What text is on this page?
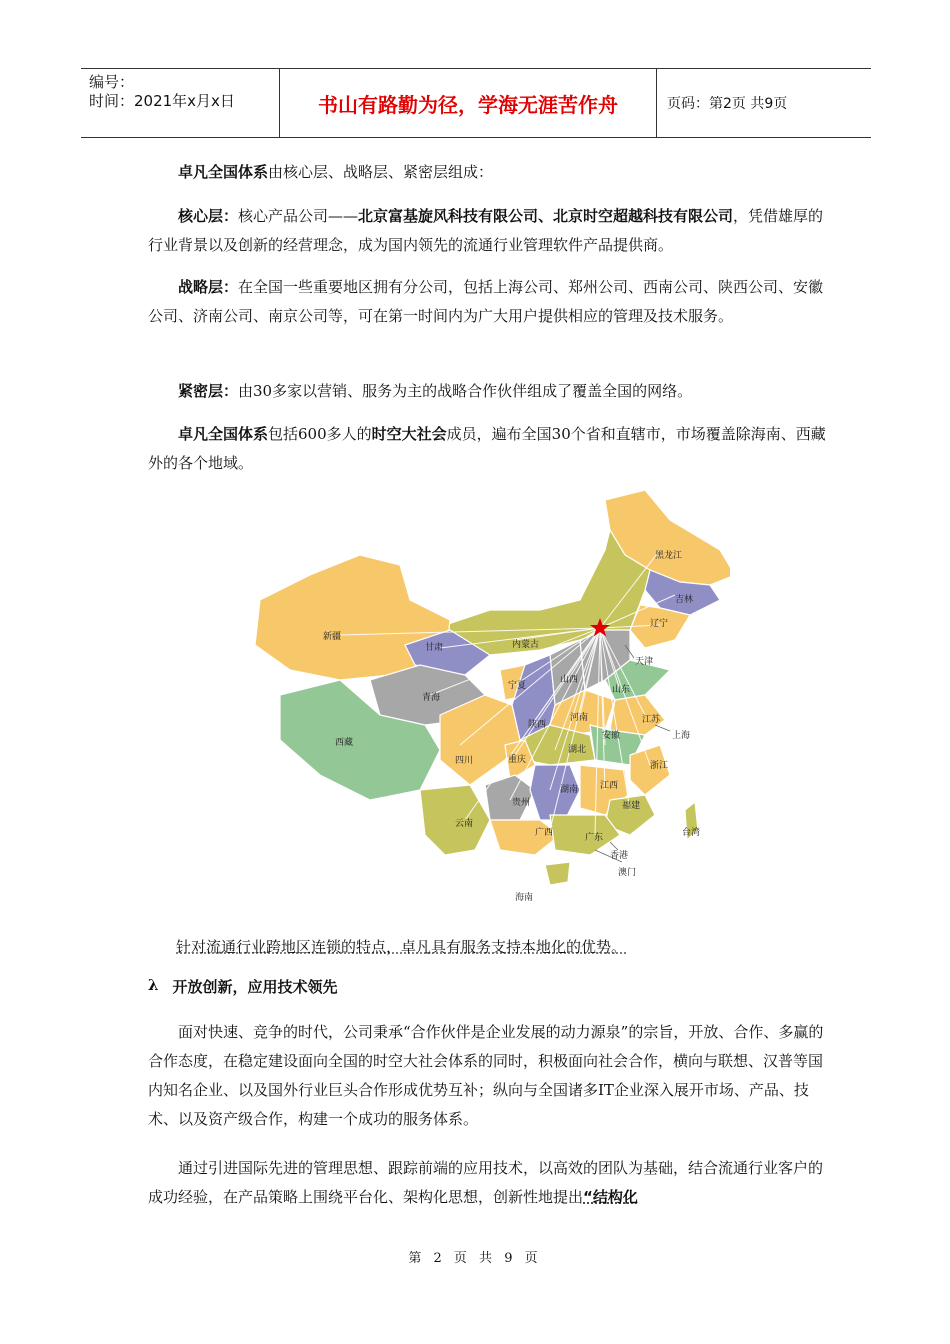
编号：
时间：2021年x月x日	书山有路勤为径，学海无涯苦作舟	页码：第2页 共9页

卓凡全国体系由核心层、战略层、紧密层组成：

核心层：核心产品公司——北京富基旋风科技有限公司、北京时空超越科技有限公司，凭借雄厚的行业背景以及创新的经营理念，成为国内领先的流通行业管理软件产品提供商。

战略层：在全国一些重要地区拥有分公司，包括上海公司、郑州公司、西南公司、陕西公司、安徽公司、济南公司、南京公司等，可在第一时间内为广大用户提供相应的管理及技术服务。

紧密层：由30多家以营销、服务为主的战略合作伙伴组成了覆盖全国的网络。

卓凡全国体系包括600多人的时空大社会成员，遍布全国30个省和直辖市，市场覆盖除海南、西藏外的各个地域。

黑龙江
吉林
辽宁
新疆
甘肃	内蒙古
天津
青海
宁夏
山西
山东
西藏
陕西
河南	江苏
上海
安徽
四川	重庆
湖北
浙江
贵州
湖南 江西
福建
台湾
云南
广西	广东
香港
澳门
海南
针对流通行业跨地区连锁的特点，卓凡具有服务支持本地化的优势。
λ 开放创新，应用技术领先

面对快速、竞争的时代，公司秉承“合作伙伴是企业发展的动力源泉”的宗旨，开放、合作、多赢的合作态度，在稳定建设面向全国的时空大社会体系的同时，积极面向社会合作，横向与联想、汉普等国内知名企业、以及国外行业巨头合作形成优势互补；纵向与全国诸多IT企业深入展开市场、产品、技术、以及资产级合作，构建一个成功的服务体系。

通过引进国际先进的管理思想、跟踪前端的应用技术，以高效的团队为基础，结合流通行业客户的成功经验，在产品策略上围绕平台化、架构化思想，创新性地提出“结构化

第 2 页 共 9 页
